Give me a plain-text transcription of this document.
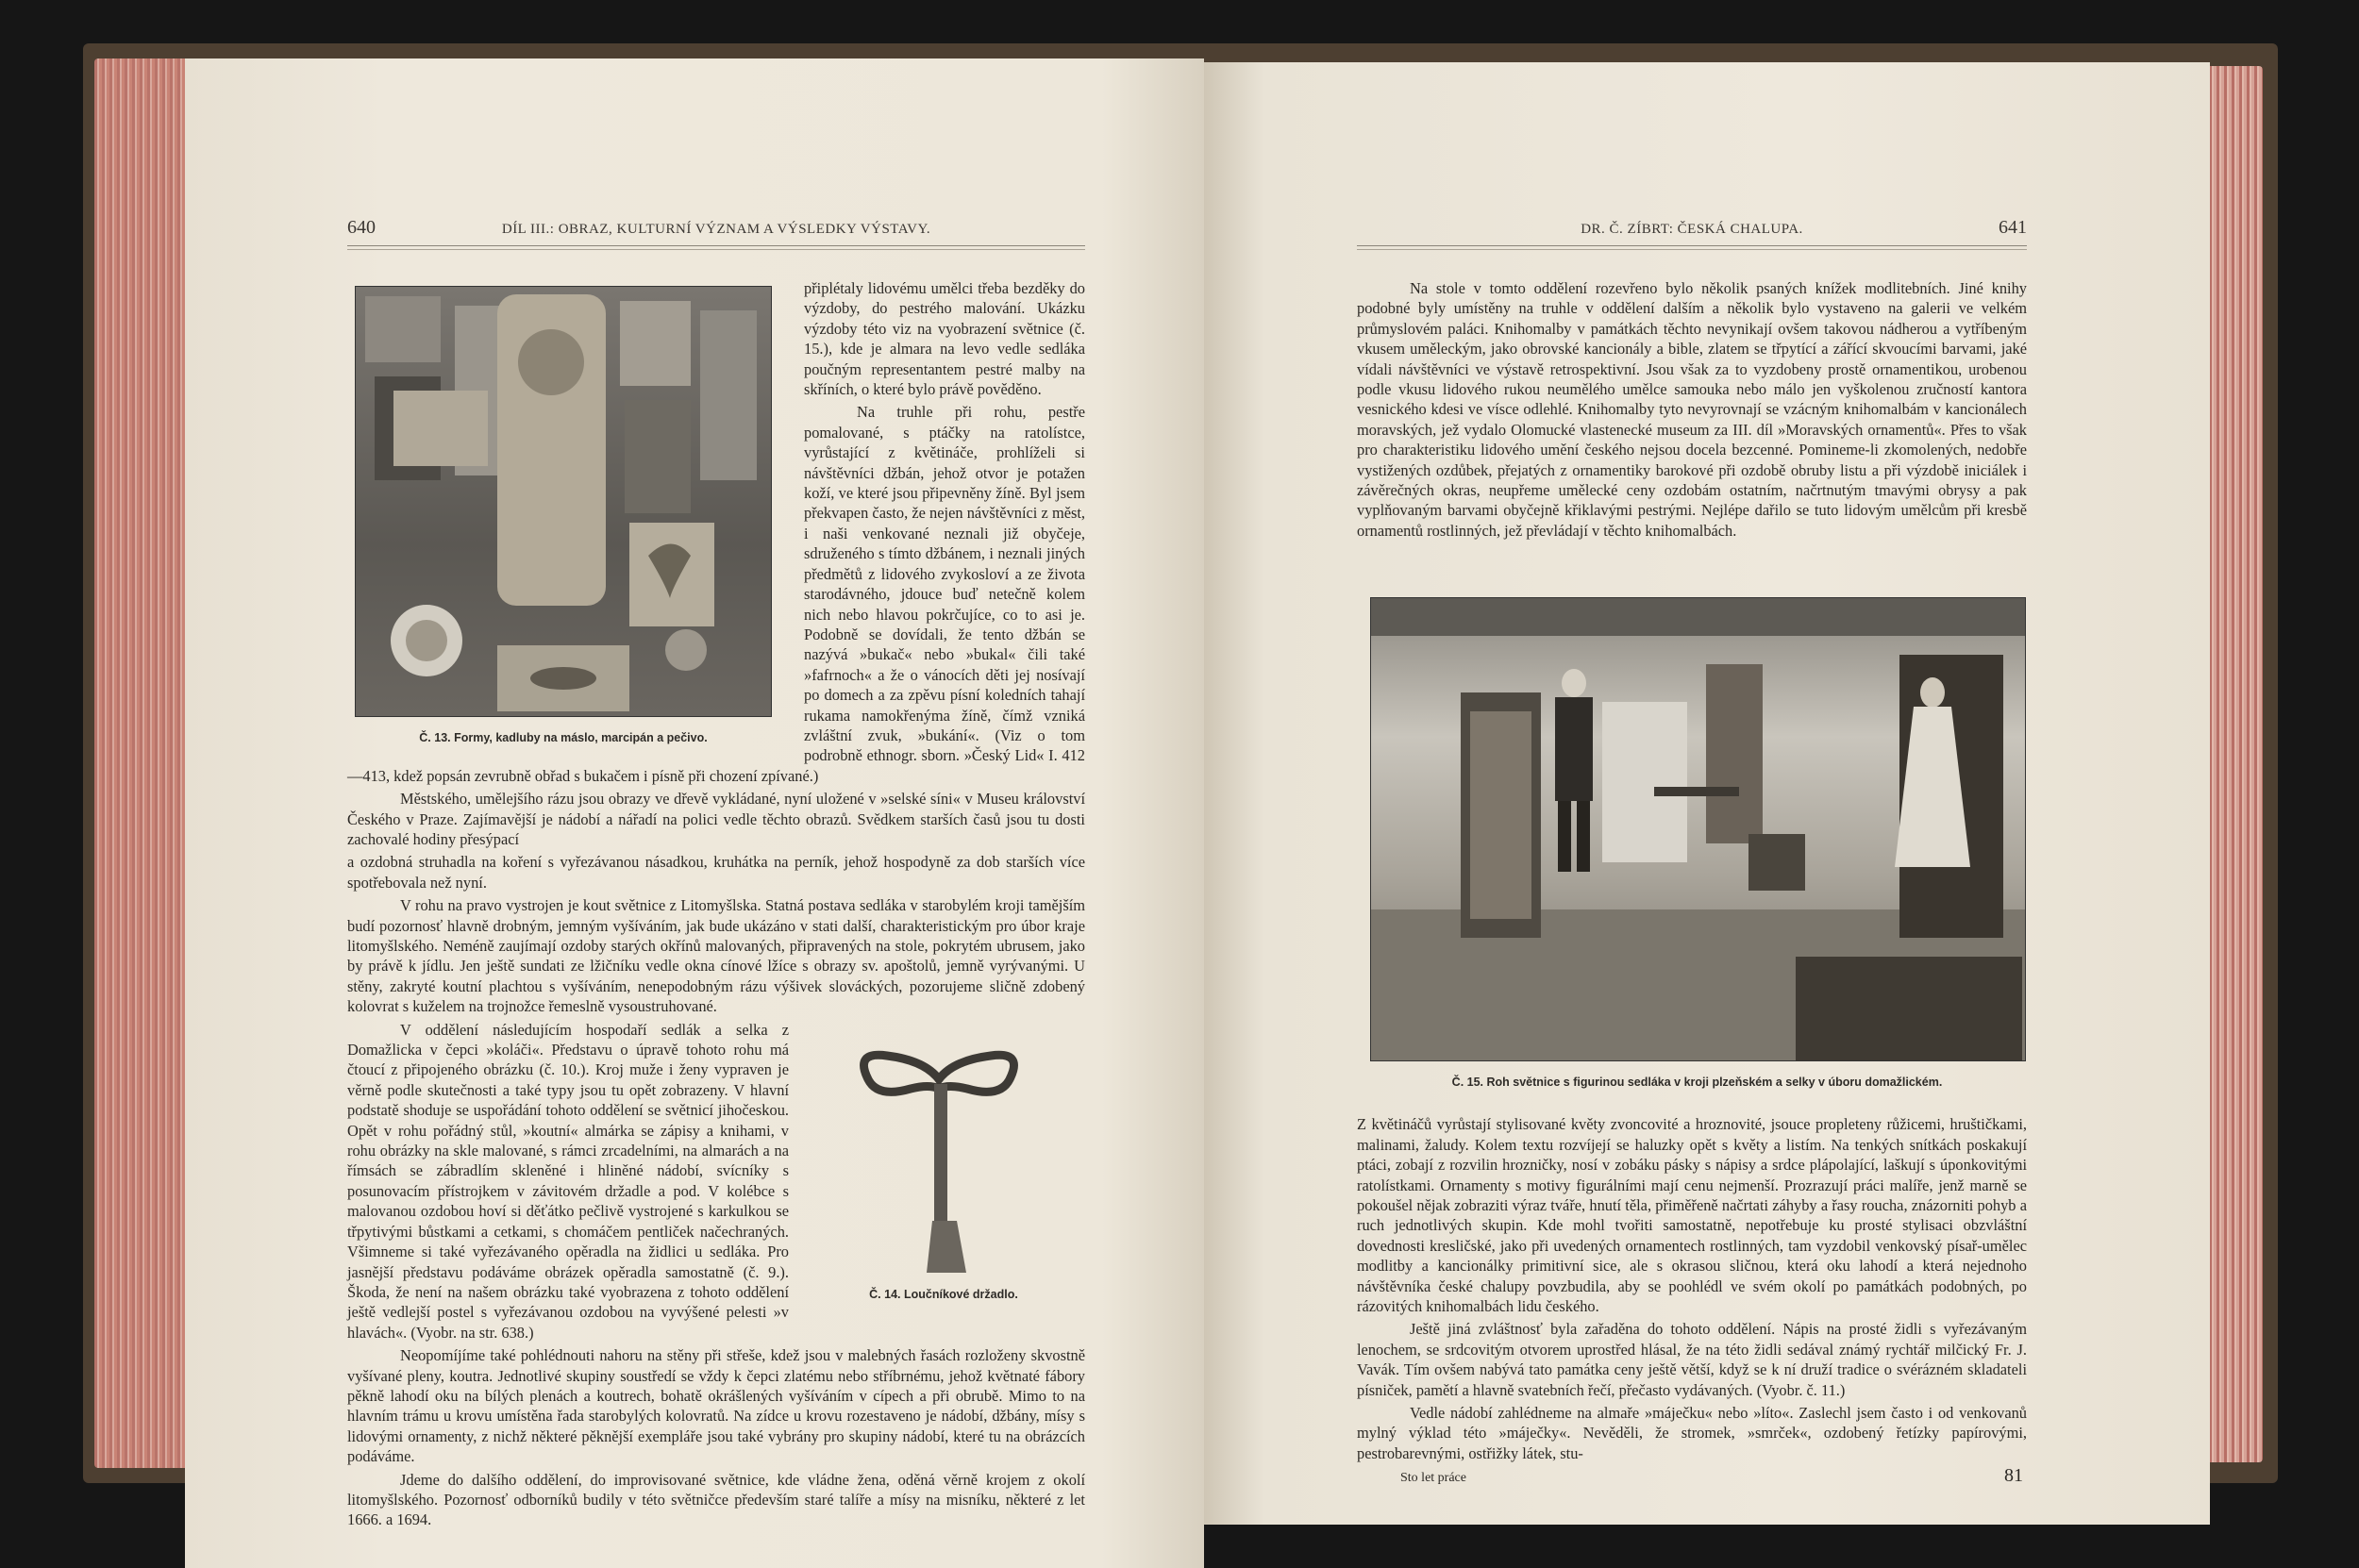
640	DÍL III.: OBRAZ, KULTURNÍ VÝZNAM A VÝSLEDKY VÝSTAVY.
Č. 13. Formy, kadluby na máslo, marcipán a pečivo.
Č. 14. Loučníkové držadlo.

připlétaly lidovému umělci třeba bezděky do výzdoby, do pestrého malování. Ukázku výzdoby této viz na vyobrazení světnice (č. 15.), kde je almara na levo vedle sedláka poučným representantem pestré malby na skříních, o které bylo právě pověděno.

Na truhle při rohu, pestře pomalované, s ptáčky na ratolístce, vyrůstající z květináče, prohlíželi si návštěvníci džbán, jehož otvor je potažen koží, ve které jsou připevněny žíně. Byl jsem překvapen často, že nejen návštěvníci z měst, i naši venkované neznali již obyčeje, sdruženého s tímto džbánem, i neznali jiných předmětů z lidového zvykosloví a ze života starodávného, jdouce buď netečně kolem nich nebo hlavou pokrčujíce, co to asi je. Podobně se dovídali, že tento džbán se nazývá »bukač« nebo »bukal« čili také »fafrnoch« a že o vánocích děti jej nosívají po domech a za zpěvu písní koledních tahají rukama namokřenýma žíně, čímž vzniká zvláštní zvuk, »bukání«. (Viz o tom podrobně ethnogr. sborn. »Český Lid« I. 412—413, kdež popsán zevrubně obřad s bukačem i písně při chození zpívané.)

Městského, umělejšího rázu jsou obrazy ve dřevě vykládané, nyní uložené v »selské síni« v Museu království Českého v Praze. Zajímavější je nádobí a nářadí na polici vedle těchto obrazů. Svědkem starších časů jsou tu dosti zachovalé hodiny přesýpací

a ozdobná struhadla na koření s vyřezávanou násadkou, kruhátka na perník, jehož hospodyně za dob starších více spotřebovala než nyní.

V rohu na pravo vystrojen je kout světnice z Litomyšlska. Statná postava sedláka v starobylém kroji tamějším budí pozornosť hlavně drobným, jemným vyšíváním, jak bude ukázáno v stati další, charakteristickým pro úbor kraje litomyšlského. Neméně zaujímají ozdoby starých okřínů malovaných, připravených na stole, pokrytém ubrusem, jako by právě k jídlu. Jen ještě sundati ze lžičníku vedle okna cínové lžíce s obrazy sv. apoštolů, jemně vyrývanými. U stěny, zakryté koutní plachtou s vyšíváním, nenepodobným rázu výšivek slováckých, pozorujeme sličně zdobený kolovrat s kuželem na trojnožce řemeslně vysoustruhované.

V oddělení následujícím hospodaří sedlák a selka z Domažlicka v čepci »koláči«. Představu o úpravě tohoto rohu má čtoucí z připojeného obrázku (č. 10.). Kroj muže i ženy vypraven je věrně podle skutečnosti a také typy jsou tu opět zobrazeny. V hlavní podstatě shoduje se uspořádání tohoto oddělení se světnicí jihočeskou. Opět v rohu pořádný stůl, »koutní« almárka se zápisy a knihami, v rohu obrázky na skle malované, s rámci zrcadelními, na almarách a na římsách se zábradlím skleněné i hliněné nádobí, svícníky s posunovacím přístrojkem v závitovém držadle a pod. V kolébce s malovanou ozdobou hoví si děťátko pečlivě vystrojené s karkulkou se třpytivými bůstkami a cetkami, s chomáčem pentliček načechraných. Všimneme si také vyřezávaného opěradla na židlici u sedláka. Pro jasnější představu podáváme obrázek opěradla samostatně (č. 9.). Škoda, že není na našem obrázku také vyobrazena z tohoto oddělení ještě vedlejší postel s vyřezávanou ozdobou na vyvýšené pelesti »v hlavách«. (Vyobr. na str. 638.)

Neopomíjíme také pohlédnouti nahoru na stěny při střeše, kdež jsou v malebných řasách rozloženy skvostně vyšívané pleny, koutra. Jednotlivé skupiny soustředí se vždy k čepci zlatému nebo stříbrnému, jehož květnaté fábory pěkně lahodí oku na bílých plenách a koutrech, bohatě okrášlených vyšíváním v cípech a při obrubě. Mimo to na hlavním trámu u krovu umístěna řada starobylých kolovratů. Na zídce u krovu rozestaveno je nádobí, džbány, mísy s lidovými ornamenty, z nichž některé pěknější exempláře jsou také vybrány pro skupiny nádobí, které tu na obrázcích podáváme.

Jdeme do dalšího oddělení, do improvisované světnice, kde vládne žena, oděná věrně krojem z okolí litomyšlského. Pozornosť odborníků budily v této světničce především staré talíře a mísy na misníku, některé z let 1666. a 1694.

DR. Č. ZÍBRT: ČESKÁ CHALUPA.	641

Na stole v tomto oddělení rozevřeno bylo několik psaných knížek modlitebních. Jiné knihy podobné byly umístěny na truhle v oddělení dalším a několik bylo vystaveno na galerii ve velkém průmyslovém paláci. Knihomalby v památkách těchto nevynikají ovšem takovou nádherou a vytříbeným vkusem uměleckým, jako obrovské kancionály a bible, zlatem se třpytící a zářící skvoucími barvami, jaké vídali návštěvníci ve výstavě retrospektivní. Jsou však za to vyzdobeny prostě ornamentikou, urobenou podle vkusu lidového rukou neumělého umělce samouka nebo málo jen vyškolenou zručností kantora vesnického kdesi ve vísce odlehlé. Knihomalby tyto nevyrovnají se vzácným knihomalbám v kancionálech moravských, jež vydalo Olomucké vlastenecké museum za III. díl »Moravských ornamentů«. Přes to však pro charakteristiku lidového umění českého nejsou docela bezcenné. Pomineme-li zkomolených, nedobře vystižených ozdůbek, přejatých z ornamentiky barokové při ozdobě obruby listu a při výzdobě iniciálek i závěrečných okras, neupřeme umělecké ceny ozdobám ostatním, načrtnutým tmavými obrysy a pak vyplňovaným barvami obyčejně křiklavými pestrými. Nejlépe dařilo se tuto lidovým umělcům při kresbě ornamentů rostlinných, jež převládají v těchto knihomalbách.

Č. 15. Roh světnice s figurinou sedláka v kroji plzeňském a selky v úboru domažlickém.

Z květináčů vyrůstají stylisované květy zvoncovité a hroznovité, jsouce propleteny růžicemi, hruštičkami, malinami, žaludy. Kolem textu rozvíjejí se haluzky opět s květy a listím. Na tenkých snítkách poskakují ptáci, zobají z rozvilin hrozničky, nosí v zobáku pásky s nápisy a srdce plápolající, laškují s úponkovitými ratolístkami. Ornamenty s motivy figurálními mají cenu nejmenší. Prozrazují práci malíře, jenž marně se pokoušel nějak zobraziti výraz tváře, hnutí těla, přiměřeně načrtati záhyby a řasy roucha, znázorniti pohyb a ruch jednotlivých skupin. Kde mohl tvořiti samostatně, nepotřebuje ku prosté stylisaci obzvláštní dovednosti kresličské, jako při uvedených ornamentech rostlinných, tam vyzdobil venkovský písař-umělec modlitby a kancionálky primitivní sice, ale s okrasou sličnou, která oku lahodí a která nejednoho návštěvníka české chalupy povzbudila, aby se poohlédl ve svém okolí po památkách podobných, po rázovitých knihomalbách lidu českého.

Ještě jiná zvláštnosť byla zařaděna do tohoto oddělení. Nápis na prosté židli s vyřezávaným lenochem, se srdcovitým otvorem uprostřed hlásal, že na této židli sedával známý rychtář milčický Fr. J. Vavák. Tím ovšem nabývá tato památka ceny ještě větší, když se k ní druží tradice o svérázném skladateli písniček, pamětí a hlavně svatebních řečí, přečasto vydávaných. (Vyobr. č. 11.)

Vedle nádobí zahlédneme na almaře »máječku« nebo »líto«. Zaslechl jsem často i od venkovanů mylný výklad této »máječky«. Nevěděli, že stromek, »smrček«, ozdobený řetízky papírovými, pestrobarevnými, ostřižky látek, stu-

Sto let práce	81
